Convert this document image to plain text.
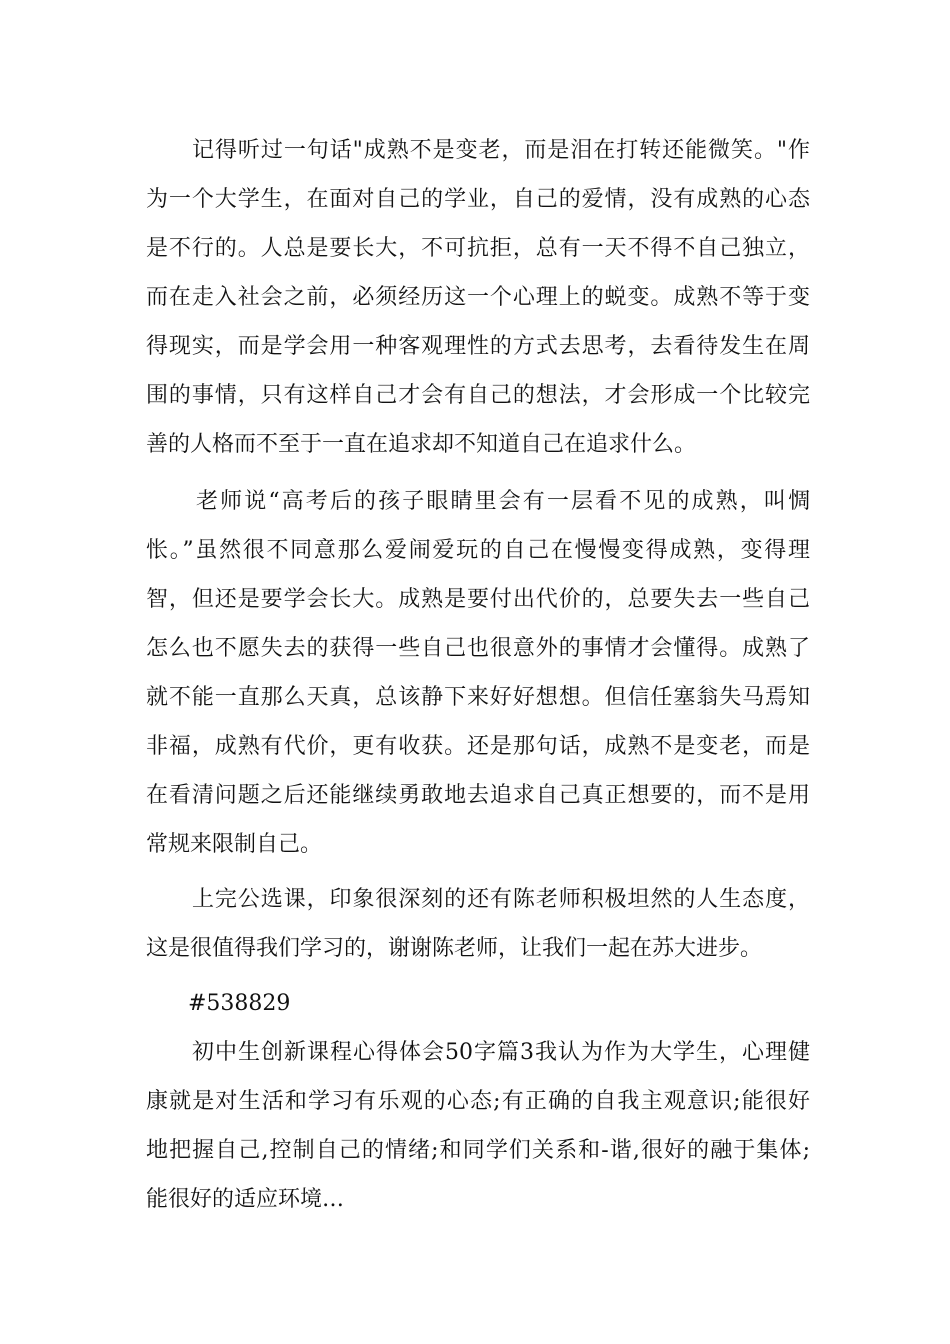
记得听过一句话"成熟不是变老，而是泪在打转还能微笑。"作
为一个大学生，在面对自己的学业，自己的爱情，没有成熟的心态
是不行的。人总是要长大，不可抗拒，总有一天不得不自己独立，
而在走入社会之前，必须经历这一个心理上的蜕变。成熟不等于变
得现实，而是学会用一种客观理性的方式去思考，去看待发生在周
围的事情，只有这样自己才会有自己的想法，才会形成一个比较完
善的人格而不至于一直在追求却不知道自己在追求什么。
老师说“高考后的孩子眼睛里会有一层看不见的成熟，叫惆
怅。”虽然很不同意那么爱闹爱玩的自己在慢慢变得成熟，变得理
智，但还是要学会长大。成熟是要付出代价的，总要失去一些自己
怎么也不愿失去的获得一些自己也很意外的事情才会懂得。成熟了
就不能一直那么天真，总该静下来好好想想。但信任塞翁失马焉知
非福，成熟有代价，更有收获。还是那句话，成熟不是变老，而是
在看清问题之后还能继续勇敢地去追求自己真正想要的，而不是用
常规来限制自己。
上完公选课，印象很深刻的还有陈老师积极坦然的人生态度，
这是很值得我们学习的，谢谢陈老师，让我们一起在苏大进步。
#538829
初中生创新课程心得体会50字篇3我认为作为大学生，心理健
康就是对生活和学习有乐观的心态;有正确的自我主观意识;能很好
地把握自己,控制自己的情绪;和同学们关系和-谐,很好的融于集体;
能很好的适应环境…
